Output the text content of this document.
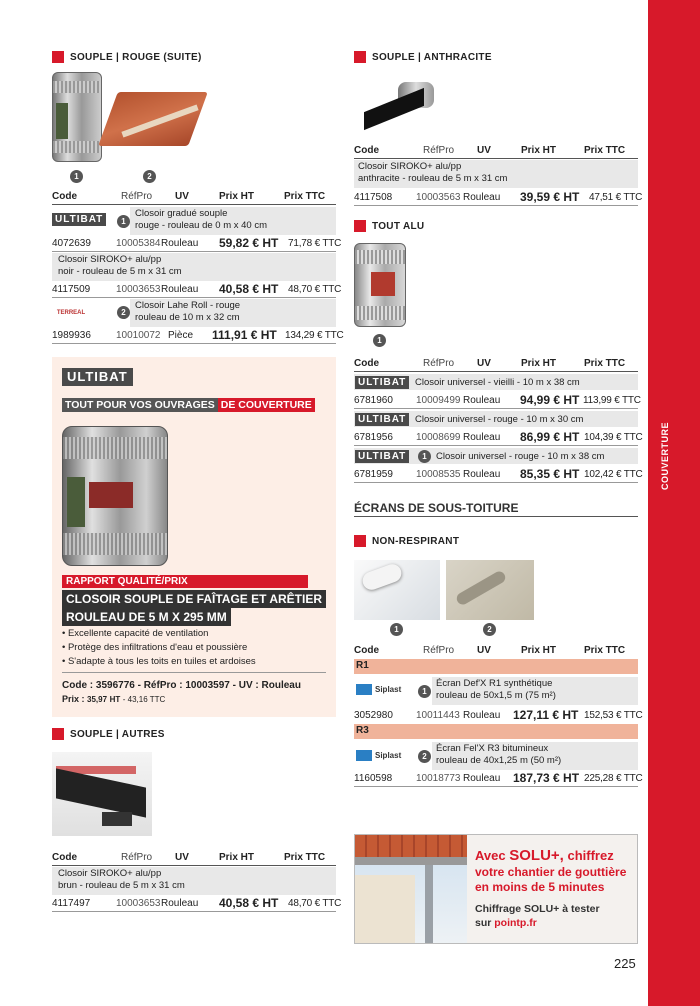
COUVERTURE
225
SOUPLE | ROUGE (SUITE)
1	2
Code	RéfPro UV	Prix HT	Prix TTC
ULTIBAT	1
Closoir gradué souple
rouge - rouleau de 0 m x 40 cm
4072639	10005384 Rouleau 59,82 € HT 71,78 € TTC
Closoir SIROKO+ alu/pp
noir - rouleau de 5 m x 31 cm
4117509	10003653 Rouleau 40,58 € HT 48,70 € TTC
TERREAL	2
Closoir Lahe Roll - rouge
rouleau de 10 m x 32 cm
1989936	10010072 Pièce 111,91 € HT 134,29 € TTC
ULTIBAT
TOUT POUR VOS OUVRAGES DE COUVERTURE
RAPPORT QUALITÉ/PRIX
CLOSOIR SOUPLE DE FAÎTAGE ET ARÊTIER
ROULEAU DE 5 M X 295 MM
• Excellente capacité de ventilation
• Protège des infiltrations d'eau et poussière
• S'adapte à tous les toits en tuiles et ardoises
Code : 3596776 - RéfPro : 10003597 - UV : Rouleau
Prix : 35,97 HT - 43,16 TTC
SOUPLE | AUTRES
Code	RéfPro UV	Prix HT	Prix TTC
Closoir SIROKO+ alu/pp
brun - rouleau de 5 m x 31 cm
4117497	10003653 Rouleau 40,58 € HT 48,70 € TTC
SOUPLE | ANTHRACITE
Code	RéfPro UV	Prix HT	Prix TTC
Closoir SIROKO+ alu/pp
anthracite - rouleau de 5 m x 31 cm
4117508 10003563 Rouleau 39,59 € HT 47,51 € TTC
TOUT ALU
1
Code	RéfPro UV	Prix HT	Prix TTC
ULTIBAT Closoir universel - vieilli - 10 m x 38 cm
6781960 10009499 Rouleau 94,99 € HT 113,99 € TTC
ULTIBAT Closoir universel - rouge - 10 m x 30 cm
6781956 10008699 Rouleau 86,99 € HT 104,39 € TTC
ULTIBAT	1 Closoir universel - rouge - 10 m x 38 cm
6781959 10008535 Rouleau 85,35 € HT 102,42 € TTC
ÉCRANS DE SOUS-TOITURE
NON-RESPIRANT
1	2
Code	RéfPro UV	Prix HT	Prix TTC
R1
Siplast	1
Écran Def'X R1 synthétique
rouleau de 50x1,5 m (75 m²)
3052980 10011443 Rouleau 127,11 € HT 152,53 € TTC
R3
Siplast	2
Écran Fel'X R3 bitumineux
rouleau de 40x1,25 m (50 m²)
1160598 10018773 Rouleau 187,73 € HT 225,28 € TTC
Avec SOLU+, chiffrez
votre chantier de gouttière
en moins de 5 minutes
Chiffrage SOLU+ à tester
sur pointp.fr
